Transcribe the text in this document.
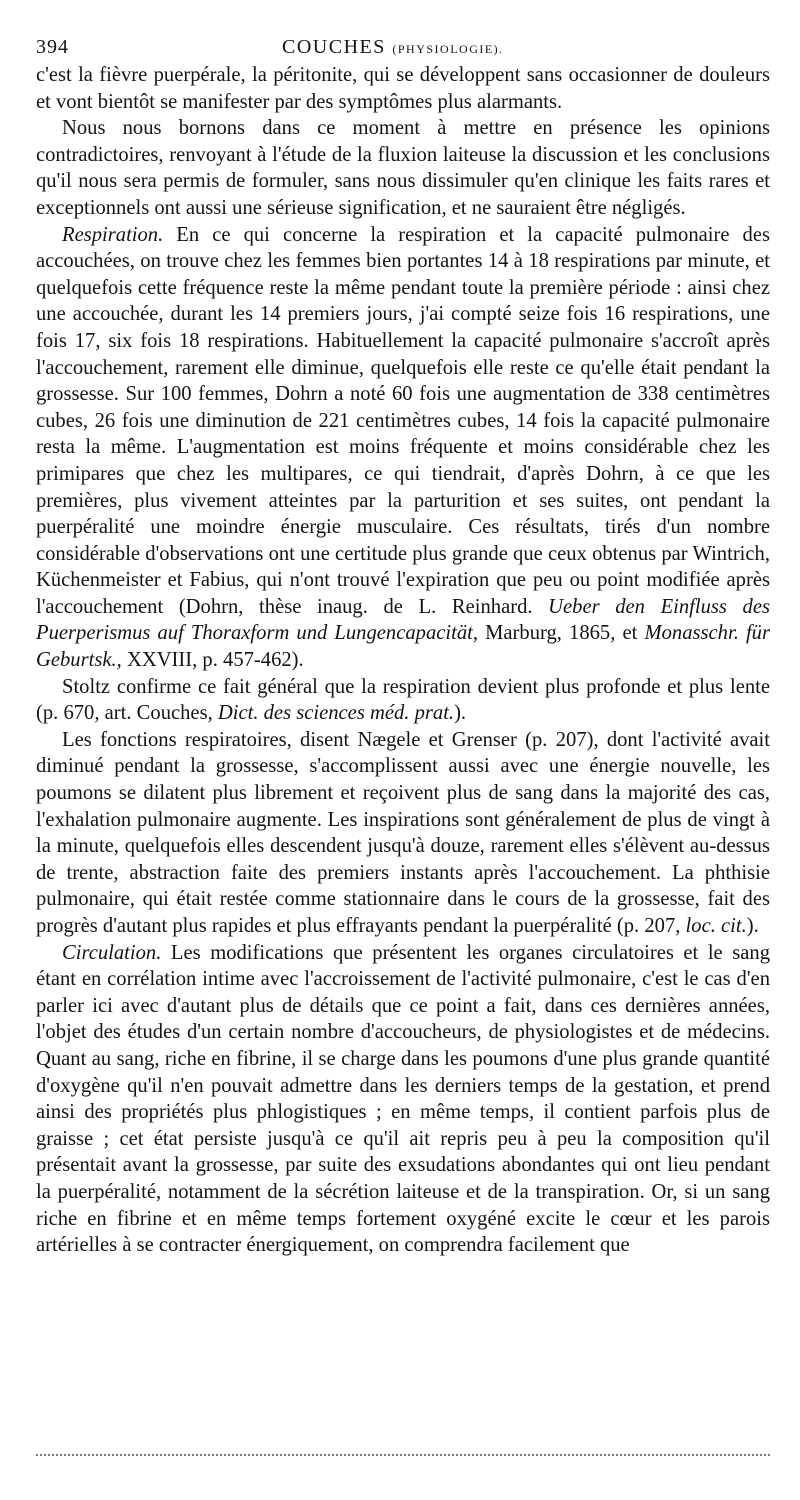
394	COUCHES (PHYSIOLOGIE).

c'est la fièvre puerpérale, la péritonite, qui se développent sans occasionner de douleurs et vont bientôt se manifester par des symptômes plus alarmants.

Nous nous bornons dans ce moment à mettre en présence les opinions contradictoires, renvoyant à l'étude de la fluxion laiteuse la discussion et les conclusions qu'il nous sera permis de formuler, sans nous dissimuler qu'en clinique les faits rares et exceptionnels ont aussi une sérieuse signification, et ne sauraient être négligés.

Respiration. En ce qui concerne la respiration et la capacité pulmonaire des accouchées, on trouve chez les femmes bien portantes 14 à 18 respirations par minute, et quelquefois cette fréquence reste la même pendant toute la première période : ainsi chez une accouchée, durant les 14 premiers jours, j'ai compté seize fois 16 respirations, une fois 17, six fois 18 respirations. Habituellement la capacité pulmonaire s'accroît après l'accouchement, rarement elle diminue, quelquefois elle reste ce qu'elle était pendant la grossesse. Sur 100 femmes, Dohrn a noté 60 fois une augmentation de 338 centimètres cubes, 26 fois une diminution de 221 centimètres cubes, 14 fois la capacité pulmonaire resta la même. L'augmentation est moins fréquente et moins considérable chez les primipares que chez les multipares, ce qui tiendrait, d'après Dohrn, à ce que les premières, plus vivement atteintes par la parturition et ses suites, ont pendant la puerpéralité une moindre énergie musculaire. Ces résultats, tirés d'un nombre considérable d'observations ont une certitude plus grande que ceux obtenus par Wintrich, Küchenmeister et Fabius, qui n'ont trouvé l'expiration que peu ou point modifiée après l'accouchement (Dohrn, thèse inaug. de L. Reinhard. Ueber den Einfluss des Puerperismus auf Thoraxform und Lungencapacität, Marburg, 1865, et Monasschr. für Geburtsk., XXVIII, p. 457-462).

Stoltz confirme ce fait général que la respiration devient plus profonde et plus lente (p. 670, art. Couches, Dict. des sciences méd. prat.).

Les fonctions respiratoires, disent Nægele et Grenser (p. 207), dont l'activité avait diminué pendant la grossesse, s'accomplissent aussi avec une énergie nouvelle, les poumons se dilatent plus librement et reçoivent plus de sang dans la majorité des cas, l'exhalation pulmonaire augmente. Les inspirations sont généralement de plus de vingt à la minute, quelquefois elles descendent jusqu'à douze, rarement elles s'élèvent au-dessus de trente, abstraction faite des premiers instants après l'accouchement. La phthisie pulmonaire, qui était restée comme stationnaire dans le cours de la grossesse, fait des progrès d'autant plus rapides et plus effrayants pendant la puerpéralité (p. 207, loc. cit.).

Circulation. Les modifications que présentent les organes circulatoires et le sang étant en corrélation intime avec l'accroissement de l'activité pulmonaire, c'est le cas d'en parler ici avec d'autant plus de détails que ce point a fait, dans ces dernières années, l'objet des études d'un certain nombre d'accoucheurs, de physiologistes et de médecins. Quant au sang, riche en fibrine, il se charge dans les poumons d'une plus grande quantité d'oxygène qu'il n'en pouvait admettre dans les derniers temps de la gestation, et prend ainsi des propriétés plus phlogistiques ; en même temps, il contient parfois plus de graisse ; cet état persiste jusqu'à ce qu'il ait repris peu à peu la composition qu'il présentait avant la grossesse, par suite des exsudations abondantes qui ont lieu pendant la puerpéralité, notamment de la sécrétion laiteuse et de la transpiration. Or, si un sang riche en fibrine et en même temps fortement oxygéné excite le cœur et les parois artérielles à se contracter énergiquement, on comprendra facilement que
